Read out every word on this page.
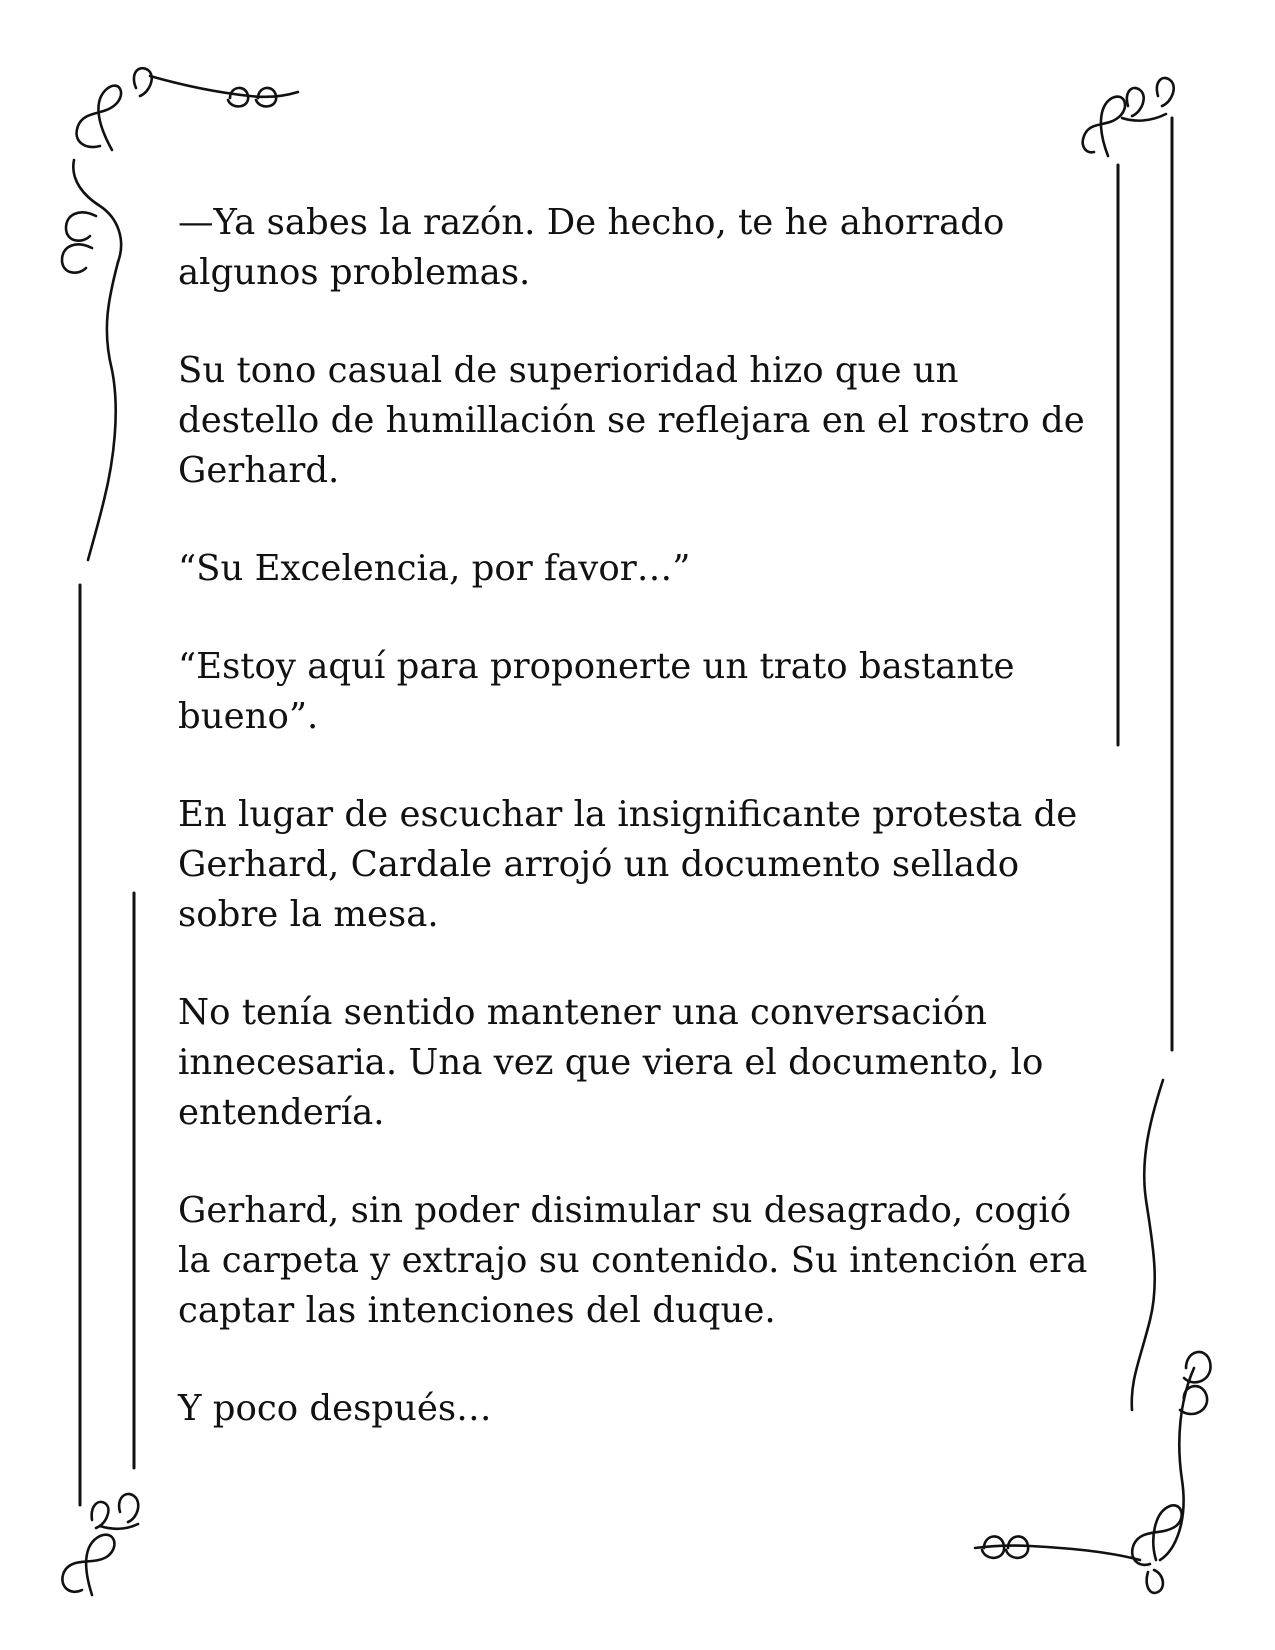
—Ya sabes la razón. De hecho, te he ahorrado algunos problemas.

Su tono casual de superioridad hizo que un destello de humillación se reflejara en el rostro de Gerhard.

“Su Excelencia, por favor…”

“Estoy aquí para proponerte un trato bastante bueno”.

En lugar de escuchar la insignificante protesta de Gerhard, Cardale arrojó un documento sellado sobre la mesa.

No tenía sentido mantener una conversación innecesaria. Una vez que viera el documento, lo entendería.

Gerhard, sin poder disimular su desagrado, cogió la carpeta y extrajo su contenido. Su intención era captar las intenciones del duque.

Y poco después…
